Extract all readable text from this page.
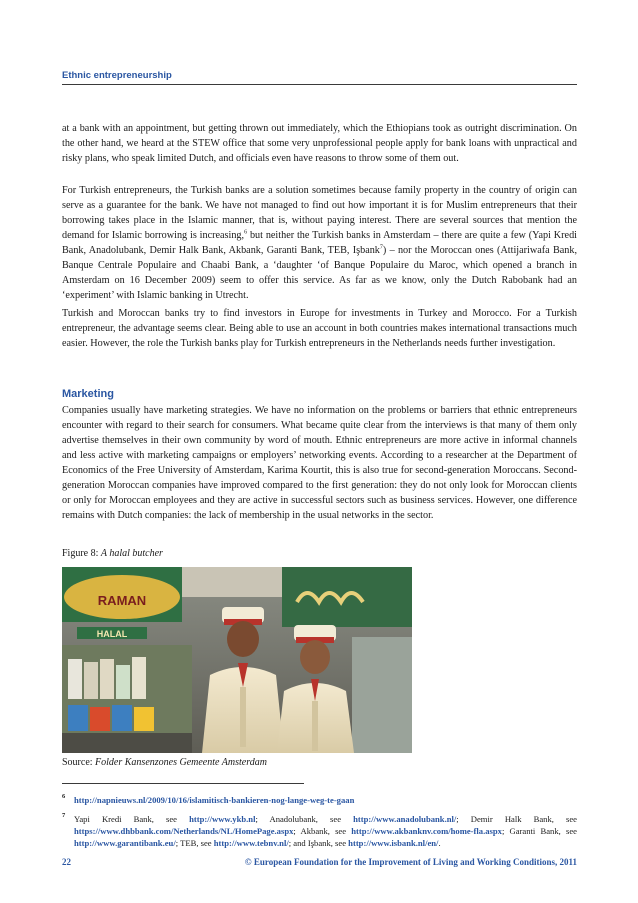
Ethnic entrepreneurship

at a bank with an appointment, but getting thrown out immediately, which the Ethiopians took as outright discrimination. On the other hand, we heard at the STEW office that some very unprofessional people apply for bank loans with unpractical and risky plans, who speak limited Dutch, and officials even have reasons to throw some of them out.

For Turkish entrepreneurs, the Turkish banks are a solution sometimes because family property in the country of origin can serve as a guarantee for the bank. We have not managed to find out how important it is for Muslim entrepreneurs that their borrowing takes place in the Islamic manner, that is, without paying interest. There are several sources that mention the demand for Islamic borrowing is increasing,$^6$ but neither the Turkish banks in Amsterdam – there are quite a few (Yapi Kredi Bank, Anadolubank, Demir Halk Bank, Akbank, Garanti Bank, TEB, Işbank$^7$) – nor the Moroccan ones (Attijariwafa Bank, Banque Centrale Populaire and Chaabi Bank, a ‘daughter ‘of Banque Populaire du Maroc, which opened a branch in Amsterdam on 16 December 2009) seem to offer this service. As far as we know, only the Dutch Rabobank had an ‘experiment’ with Islamic banking in Utrecht.

Turkish and Moroccan banks try to find investors in Europe for investments in Turkey and Morocco. For a Turkish entrepreneur, the advantage seems clear. Being able to use an account in both countries makes international transactions much easier. However, the role the Turkish banks play for Turkish entrepreneurs in the Netherlands needs further investigation.

Marketing

Companies usually have marketing strategies. We have no information on the problems or barriers that ethnic entrepreneurs encounter with regard to their search for consumers. What became quite clear from the interviews is that many of them only advertise themselves in their own community by word of mouth. Ethnic entrepreneurs are more active in informal channels and less active with marketing campaigns or employers’ networking events. According to a researcher at the Department of Economics of the Free University of Amsterdam, Karima Kourtit, this is also true for second-generation Moroccans. Second-generation Moroccan companies have improved compared to the first generation: they do not only look for Moroccan clients or only for Moroccan employees and they are active in successful sectors such as business services. However, one difference remains with Dutch companies: the lack of membership in the usual networks in the sector.

Figure 8: A halal butcher
RAMAN
HALAL
Source: Folder Kansenzones Gemeente Amsterdam
6 http://napnieuws.nl/2009/10/16/islamitisch-bankieren-nog-lange-weg-te-gaan
7 Yapi Kredi Bank, see http://www.ykb.nl; Anadolubank, see http://www.anadolubank.nl/; Demir Halk Bank, see https://www.dhbbank.com/Netherlands/NL/HomePage.aspx; Akbank, see http://www.akbanknv.com/home-fla.aspx; Garanti Bank, see http://www.garantibank.eu/; TEB, see http://www.tebnv.nl/; and Işbank, see http://www.isbank.nl/en/.
22	© European Foundation for the Improvement of Living and Working Conditions, 2011
